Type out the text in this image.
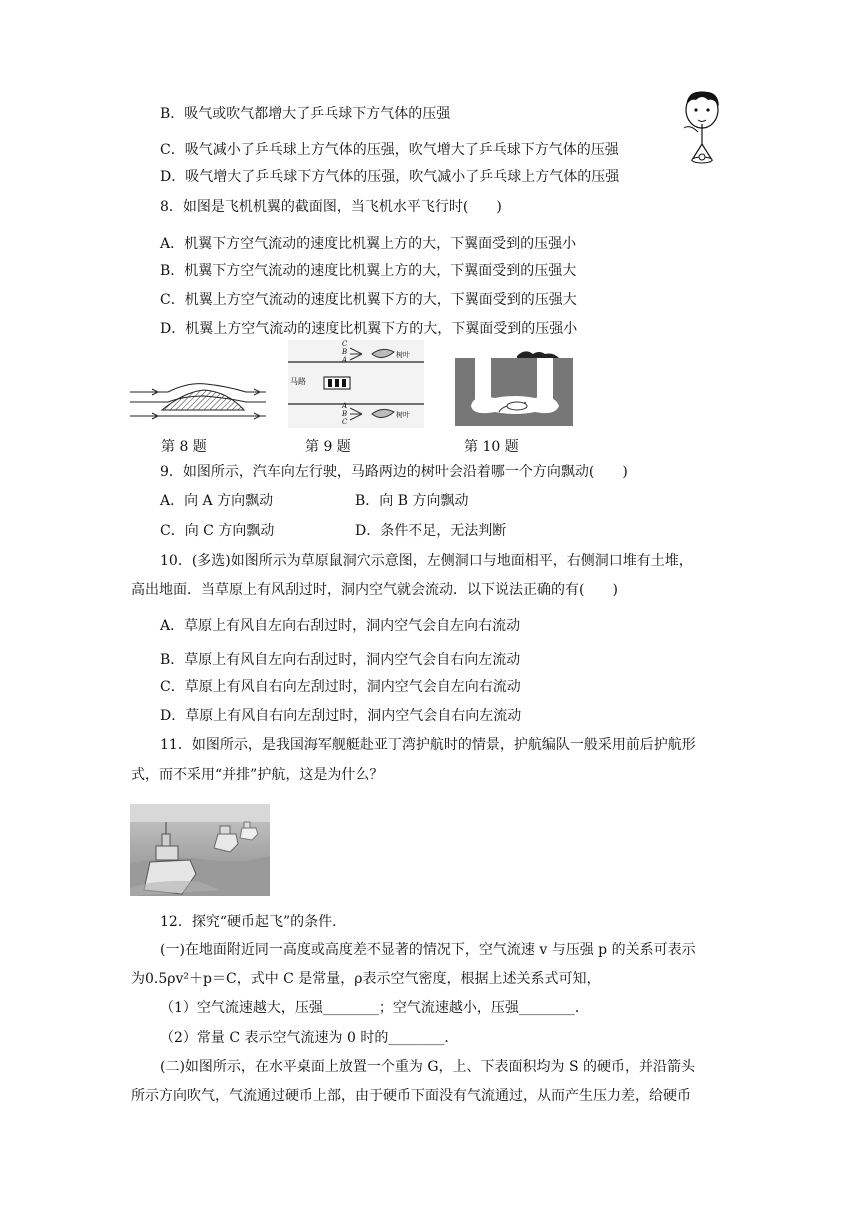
B．吸气或吹气都增大了乒乓球下方气体的压强
C．吸气减小了乒乓球上方气体的压强，吹气增大了乒乓球下方气体的压强
D．吸气增大了乒乓球下方气体的压强，吹气减小了乒乓球上方气体的压强
8．如图是飞机机翼的截面图，当飞机水平飞行时(　　)
A．机翼下方空气流动的速度比机翼上方的大，下翼面受到的压强小
B．机翼下方空气流动的速度比机翼上方的大，下翼面受到的压强大
C．机翼上方空气流动的速度比机翼下方的大，下翼面受到的压强大
D．机翼上方空气流动的速度比机翼下方的大，下翼面受到的压强小
C
B
A
树叶
马路
A
B
C
树叶
第 8 题	第 9 题	第 10 题
9．如图所示，汽车向左行驶，马路两边的树叶会沿着哪一个方向飘动(　　)
A．向 A 方向飘动	B．向 B 方向飘动
C．向 C 方向飘动	D．条件不足，无法判断
10．(多选)如图所示为草原鼠洞穴示意图，左侧洞口与地面相平，右侧洞口堆有土堆，
高出地面．当草原上有风刮过时，洞内空气就会流动．以下说法正确的有(　　)
A．草原上有风自左向右刮过时，洞内空气会自左向右流动
B．草原上有风自左向右刮过时，洞内空气会自右向左流动
C．草原上有风自右向左刮过时，洞内空气会自左向右流动
D．草原上有风自右向左刮过时，洞内空气会自右向左流动
11．如图所示，是我国海军舰艇赴亚丁湾护航时的情景，护航编队一般采用前后护航形
式，而不采用“并排”护航，这是为什么？
12．探究“硬币起飞”的条件．
(一)在地面附近同一高度或高度差不显著的情况下，空气流速 v 与压强 p 的关系可表示
为0.5ρv²＋p＝C，式中 C 是常量，ρ表示空气密度，根据上述关系式可知，
（1）空气流速越大，压强________；空气流速越小，压强________．
（2）常量 C 表示空气流速为 0 时的________．
(二)如图所示，在水平桌面上放置一个重为 G，上、下表面积均为 S 的硬币，并沿箭头
所示方向吹气，气流通过硬币上部，由于硬币下面没有气流通过，从而产生压力差，给硬币
